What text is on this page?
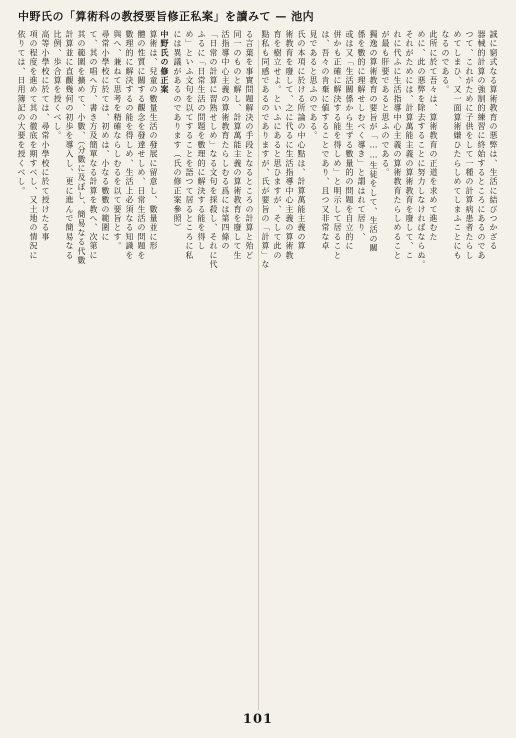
中野氏の「算術科の教授要旨修正私案」を讀みて — 池内
誠に窮式なる算術教育の悪弊は、生活に結びつかざる
器械的計算の強制的練習に終始するところにあるのであ
つて、これがために子供をして一種の計算病患者たらし
めてしまひ、又一面算術嫌ひたらしめてしまふことにも
なるのである。
此所に於て吾々は、算術教育の正道を求めて進むた
めに、此の悪弊を除去することに努力しなければならぬ。
それがためには、計算萬能主義の算術教育を廢して、こ
れに代ふに生活指導中心主義の算術教育たらしめること
が最も肝要であると思ふのである。
獨逸の算術教育の要旨が「……生徒をして、生活の關
係を數的に理解せしむべく導き」と謂はれて居り、
或は又「生活關係から生ずる數量的の問題を自立的に
併かも正確に解決する能を得しめ」と明示して居ること
は、吾々の肯棄に値することであり、且つ又非常な卓
見であると思ふのである。
氏の本項に於ける所論の中心點は、計算萬能主義の算
術教育を廢して、之に代るに生活指導中心主義の算術教
育を樹立せよ。といふにあると思ひますが、そして此の
點私も同感であるのでありますが、氏が要旨の「計算」な
る言葉を事實問題解決の手段となるところの計算と殆ど
同一のものと解し、計算萬能主義の算術教育を廢して生
活指導中心主義の算術教育たらしむる爲には第四條の
「日常の計算に習熟せしめ」なる文句を採殺し、それに代
ふるに「日常生活の問題を數理的に解決する能を得し
め」といふ文句を以てすることを語つて居るところに私
には異議があるのであります（氏の修正案參照）
中野氏の修正案
算術は、兒童の數量生活の發展に留意し、數量並に形
體の性質に關する觀念を發達せしめ、日常生活の問題を
數理的に解決するの能を得しめ、生活上必須なる知識を
與へ、兼ねて思考を精確ならしむるを以て要旨とす。
尋常小學校に於ては、初めは、小なる數數の範圍に
て、其の唱へ方、書き方及簡單なる計算を教へ、次第に
其の範圍を擴めて、小數、（分數に及ぼし、簡易なる代數
計算並に直觀幾何の初歩を導入し、更に進んで簡易なる
比例、歩合算を授くべし。
高等小學校に於ては、尋常小學校に於て授けたる事
項の程度を進めて其の徹底を期すべし、又土地の情況に
依りては、日用簿記の大要を授くべし。
101
